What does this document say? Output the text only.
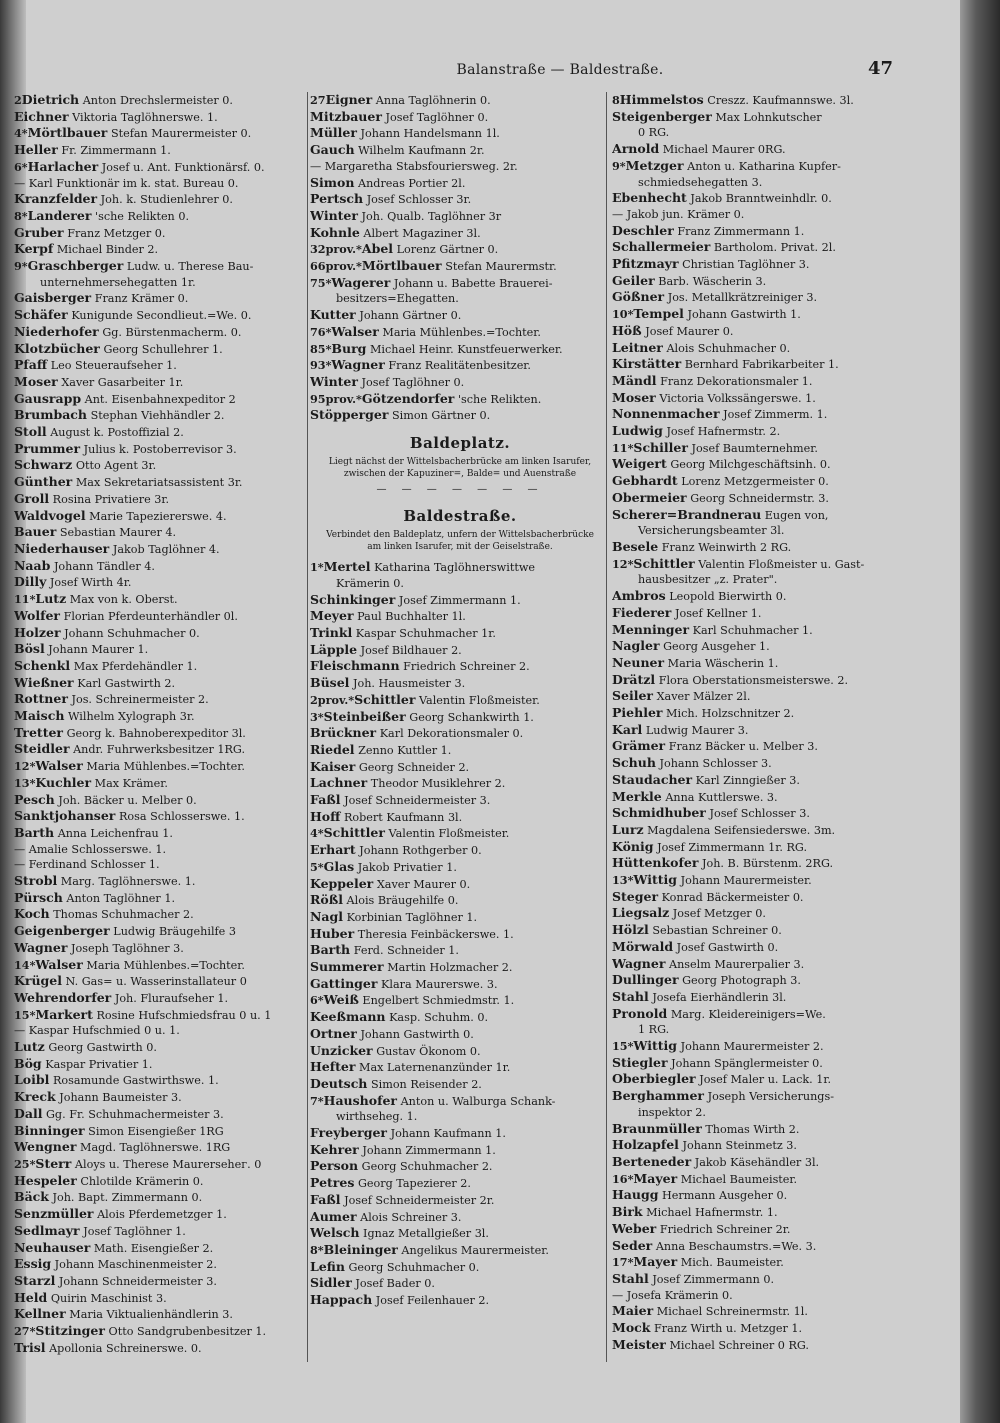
Balanstraße — Baldestraße.	47
2Dietrich Anton Drechslermeister 0.
Eichner Viktoria Taglöhnerswe. 1.
4*Mörtlbauer Stefan Maurermeister 0.
Heller Fr. Zimmermann 1.
6*Harlacher Josef u. Ant. Funktionärsf. 0.
— Karl Funktionär im k. stat. Bureau 0.
Kranzfelder Joh. k. Studienlehrer 0.
8*Landerer 'sche Relikten 0.
Gruber Franz Metzger 0.
Kerpf Michael Binder 2.
9*Graschberger Ludw. u. Therese Bau-
unternehmersehegatten 1r.
Gaisberger Franz Krämer 0.
Schäfer Kunigunde Secondlieut.=We. 0.
Niederhofer Gg. Bürstenmacherm. 0.
Klotzbücher Georg Schullehrer 1.
Pfaff Leo Steueraufseher 1.
Moser Xaver Gasarbeiter 1r.
Gausrapp Ant. Eisenbahnexpeditor 2
Brumbach Stephan Viehhändler 2.
Stoll August k. Postoffizial 2.
Prummer Julius k. Postoberrevisor 3.
Schwarz Otto Agent 3r.
Günther Max Sekretariatsassistent 3r.
Groll Rosina Privatiere 3r.
Waldvogel Marie Tapeziererswe. 4.
Bauer Sebastian Maurer 4.
Niederhauser Jakob Taglöhner 4.
Naab Johann Tändler 4.
Dilly Josef Wirth 4r.
11*Lutz Max von k. Oberst.
Wolfer Florian Pferdeunterhändler 0l.
Holzer Johann Schuhmacher 0.
Bösl Johann Maurer 1.
Schenkl Max Pferdehändler 1.
Wießner Karl Gastwirth 2.
Rottner Jos. Schreinermeister 2.
Maisch Wilhelm Xylograph 3r.
Tretter Georg k. Bahnoberexpeditor 3l.
Steidler Andr. Fuhrwerksbesitzer 1RG.
12*Walser Maria Mühlenbes.=Tochter.
13*Kuchler Max Krämer.
Pesch Joh. Bäcker u. Melber 0.
Sanktjohanser Rosa Schlosserswe. 1.
Barth Anna Leichenfrau 1.
— Amalie Schlosserswe. 1.
— Ferdinand Schlosser 1.
Strobl Marg. Taglöhnerswe. 1.
Pürsch Anton Taglöhner 1.
Koch Thomas Schuhmacher 2.
Geigenberger Ludwig Bräugehilfe 3
Wagner Joseph Taglöhner 3.
14*Walser Maria Mühlenbes.=Tochter.
Krügel N. Gas= u. Wasserinstallateur 0
Wehrendorfer Joh. Fluraufseher 1.
15*Markert Rosine Hufschmiedsfrau 0 u. 1
— Kaspar Hufschmied 0 u. 1.
Lutz Georg Gastwirth 0.
Bög Kaspar Privatier 1.
Loibl Rosamunde Gastwirthswe. 1.
Kreck Johann Baumeister 3.
Dall Gg. Fr. Schuhmachermeister 3.
Binninger Simon Eisengießer 1RG
Wengner Magd. Taglöhnerswe. 1RG
25*Sterr Aloys u. Therese Maurersehег. 0
Hespeler Chlotilde Krämerin 0.
Bäck Joh. Bapt. Zimmermann 0.
Senzmüller Alois Pferdemetzger 1.
Sedlmayr Josef Taglöhner 1.
Neuhauser Math. Eisengießer 2.
Essig Johann Maschinenmeister 2.
Starzl Johann Schneidermeister 3.
Held Quirin Maschinist 3.
Kellner Maria Viktualienhändlerin 3.
27*Stitzinger Otto Sandgrubenbesitzer 1.
Trisl Apollonia Schreinerswe. 0.
27Eigner Anna Taglöhnerin 0.
Mitzbauer Josef Taglöhner 0.
Müller Johann Handelsmann 1l.
Gauch Wilhelm Kaufmann 2r.
— Margaretha Stabsfouriersweg. 2r.
Simon Andreas Portier 2l.
Pertsch Josef Schlosser 3r.
Winter Joh. Qualb. Taglöhner 3r
Kohnle Albert Magaziner 3l.
32prov.*Abel Lorenz Gärtner 0.
66prov.*Mörtlbauer Stefan Maurermstr.
75*Wagerer Johann u. Babette Brauerei-
besitzers=Ehegatten.
Kutter Johann Gärtner 0.
76*Walser Maria Mühlenbes.=Tochter.
85*Burg Michael Heinr. Kunstfeuerwerker.
93*Wagner Franz Realitätenbesitzer.
Winter Josef Taglöhner 0.
95prov.*Götzendorfer 'sche Relikten.
Stöpperger Simon Gärtner 0.
Baldeplatz.
Liegt nächst der Wittelsbacherbrücke am linken Isarufer, zwischen der Kapuziner=, Balde= und Auenstraße
— — — — — — —
Baldestraße.
Verbindet den Baldeplatz, unfern der Wittelsbacherbrücke am linken Isarufer, mit der Geiselstraße.
1*Mertel Katharina Taglöhnerswittwe
Krämerin 0.
Schinkinger Josef Zimmermann 1.
Meyer Paul Buchhalter 1l.
Trinkl Kaspar Schuhmacher 1r.
Läpple Josef Bildhauer 2.
Fleischmann Friedrich Schreiner 2.
Büsel Joh. Hausmeister 3.
2prov.*Schittler Valentin Floßmeister.
3*Steinbeißer Georg Schankwirth 1.
Brückner Karl Dekorationsmaler 0.
Riedel Zenno Kuttler 1.
Kaiser Georg Schneider 2.
Lachner Theodor Musiklehrer 2.
Faßl Josef Schneidermeister 3.
Hoff Robert Kaufmann 3l.
4*Schittler Valentin Floßmeister.
Erhart Johann Rothgerber 0.
5*Glas Jakob Privatier 1.
Keppeler Xaver Maurer 0.
Rößl Alois Bräugehilfe 0.
Nagl Korbinian Taglöhner 1.
Huber Theresia Feinbäckerswe. 1.
Barth Ferd. Schneider 1.
Summerer Martin Holzmacher 2.
Gattinger Klara Maurerswe. 3.
6*Weiß Engelbert Schmiedmstr. 1.
Keeßmann Kasp. Schuhm. 0.
Ortner Johann Gastwirth 0.
Unzicker Gustav Ökonom 0.
Hefter Max Laternenanzünder 1r.
Deutsch Simon Reisender 2.
7*Haushofer Anton u. Walburga Schank-
wirthseheg. 1.
Freyberger Johann Kaufmann 1.
Kehrer Johann Zimmermann 1.
Person Georg Schuhmacher 2.
Petres Georg Tapezierer 2.
Faßl Josef Schneidermeister 2r.
Aumer Alois Schreiner 3.
Welsch Ignaz Metallgießer 3l.
8*Bleininger Angelikus Maurermeister.
Lefin Georg Schuhmacher 0.
Sidler Josef Bader 0.
Happach Josef Feilenhauer 2.
8Himmelstos Creszz. Kaufmannswe. 3l.
Steigenberger Max Lohnkutscher
0 RG.
Arnold Michael Maurer 0RG.
9*Metzger Anton u. Katharina Kupfer-
schmiedsehegatten 3.
Ebenhecht Jakob Branntweinhdlr. 0.
— Jakob jun. Krämer 0.
Deschler Franz Zimmermann 1.
Schallermeier Bartholom. Privat. 2l.
Pfitzmayr Christian Taglöhner 3.
Geiler Barb. Wäscherin 3.
Gößner Jos. Metallkrätzreiniger 3.
10*Tempel Johann Gastwirth 1.
Höß Josef Maurer 0.
Leitner Alois Schuhmacher 0.
Kirstätter Bernhard Fabrikarbeiter 1.
Mändl Franz Dekorationsmaler 1.
Moser Victoria Volkssängerswe. 1.
Nonnenmacher Josef Zimmerm. 1.
Ludwig Josef Hafnermstr. 2.
11*Schiller Josef Baumternehmer.
Weigert Georg Milchgeschäftsinh. 0.
Gebhardt Lorenz Metzgermeister 0.
Obermeier Georg Schneidermstr. 3.
Scherer=Brandnerau Eugen von,
Versicherungsbeamter 3l.
Besele Franz Weinwirth 2 RG.
12*Schittler Valentin Floßmeister u. Gast-
hausbesitzer „z. Prater".
Ambros Leopold Bierwirth 0.
Fiederer Josef Kellner 1.
Menninger Karl Schuhmacher 1.
Nagler Georg Ausgeher 1.
Neuner Maria Wäscherin 1.
Drätzl Flora Oberstationsmeisterswe. 2.
Seiler Xaver Mälzer 2l.
Piehler Mich. Holzschnitzer 2.
Karl Ludwig Maurer 3.
Grämer Franz Bäcker u. Melber 3.
Schuh Johann Schlosser 3.
Staudacher Karl Zinngießer 3.
Merkle Anna Kuttlerswe. 3.
Schmidhuber Josef Schlosser 3.
Lurz Magdalena Seifensiederswe. 3m.
König Josef Zimmermann 1r. RG.
Hüttenkofer Joh. B. Bürstenm. 2RG.
13*Wittig Johann Maurermeister.
Steger Konrad Bäckermeister 0.
Liegsalz Josef Metzger 0.
Hölzl Sebastian Schreiner 0.
Mörwald Josef Gastwirth 0.
Wagner Anselm Maurerpalier 3.
Dullinger Georg Photograph 3.
Stahl Josefa Eierhändlerin 3l.
Pronold Marg. Kleidereinigers=We.
1 RG.
15*Wittig Johann Maurermeister 2.
Stiegler Johann Spänglermeister 0.
Oberbiegler Josef Maler u. Lack. 1r.
Berghammer Joseph Versicherungs-
inspektor 2.
Braunmüller Thomas Wirth 2.
Holzapfel Johann Steinmetz 3.
Berteneder Jakob Käsehändler 3l.
16*Mayer Michael Baumeister.
Haugg Hermann Ausgeher 0.
Birk Michael Hafnermstr. 1.
Weber Friedrich Schreiner 2r.
Seder Anna Beschaumstrs.=We. 3.
17*Mayer Mich. Baumeister.
Stahl Josef Zimmermann 0.
— Josefa Krämerin 0.
Maier Michael Schreinermstr. 1l.
Mock Franz Wirth u. Metzger 1.
Meister Michael Schreiner 0 RG.
